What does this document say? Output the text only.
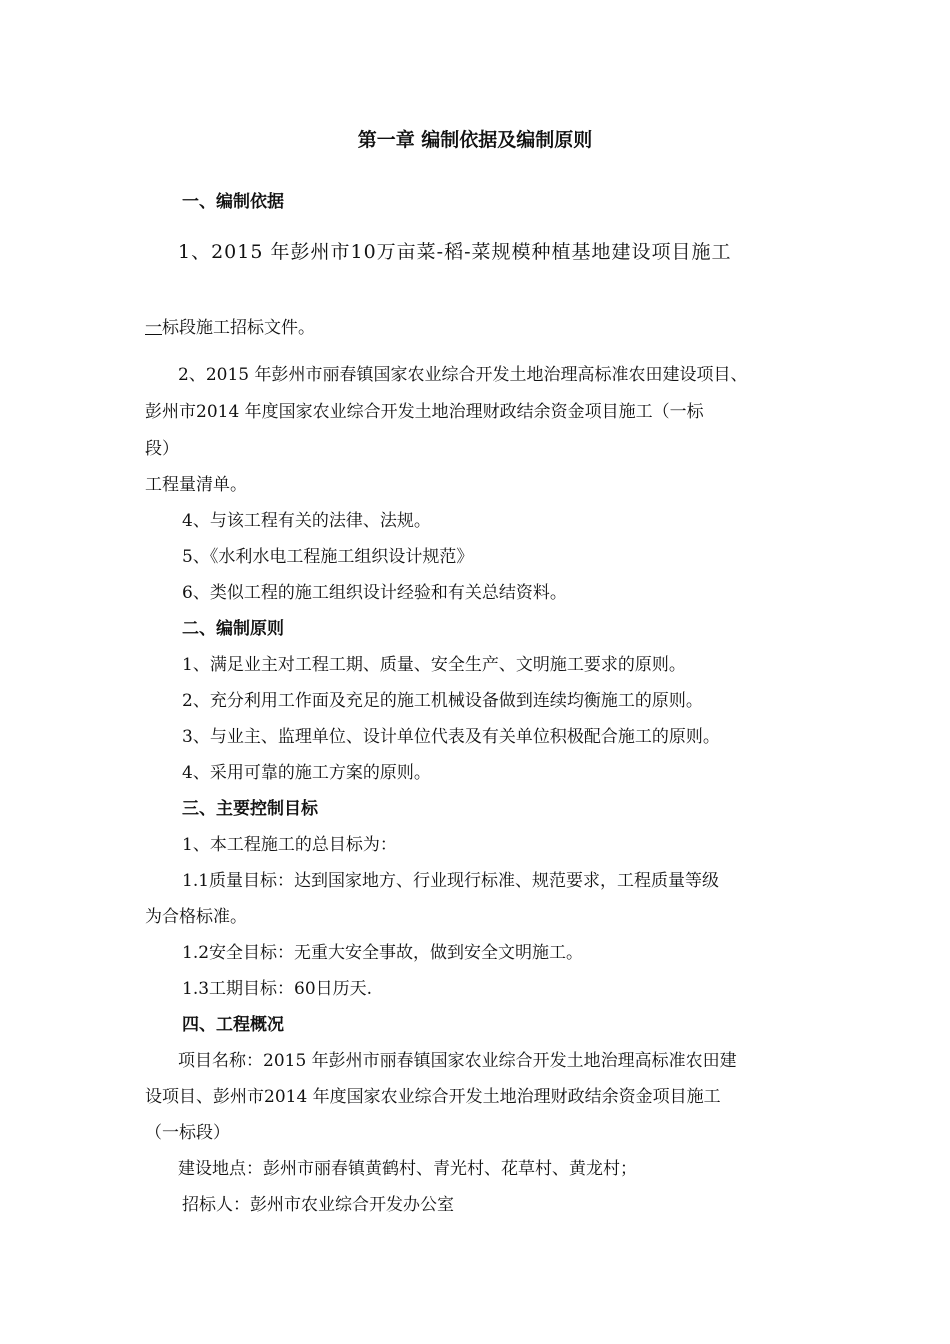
第一章 编制依据及编制原则
一、编制依据
1、2015 年彭州市10万亩菜-稻-菜规模种植基地建设项目施工
一标段施工招标文件。
2、2015 年彭州市丽春镇国家农业综合开发土地治理高标准农田建设项目、
彭州市2014 年度国家农业综合开发土地治理财政结余资金项目施工（一标
段）
工程量清单。
4、与该工程有关的法律、法规。
5、《水利水电工程施工组织设计规范》
6、类似工程的施工组织设计经验和有关总结资料。
二、编制原则
1、满足业主对工程工期、质量、安全生产、文明施工要求的原则。
2、充分利用工作面及充足的施工机械设备做到连续均衡施工的原则。
3、与业主、监理单位、设计单位代表及有关单位积极配合施工的原则。
4、采用可靠的施工方案的原则。
三、主要控制目标
1、本工程施工的总目标为：
1.1质量目标：达到国家地方、行业现行标准、规范要求，工程质量等级
为合格标准。
1.2安全目标：无重大安全事故，做到安全文明施工。
1.3工期目标：60日历天.
四、工程概况
项目名称：2015 年彭州市丽春镇国家农业综合开发土地治理高标准农田建
设项目、彭州市2014 年度国家农业综合开发土地治理财政结余资金项目施工
（一标段）
建设地点：彭州市丽春镇黄鹤村、青光村、花草村、黄龙村；
招标人：彭州市农业综合开发办公室
